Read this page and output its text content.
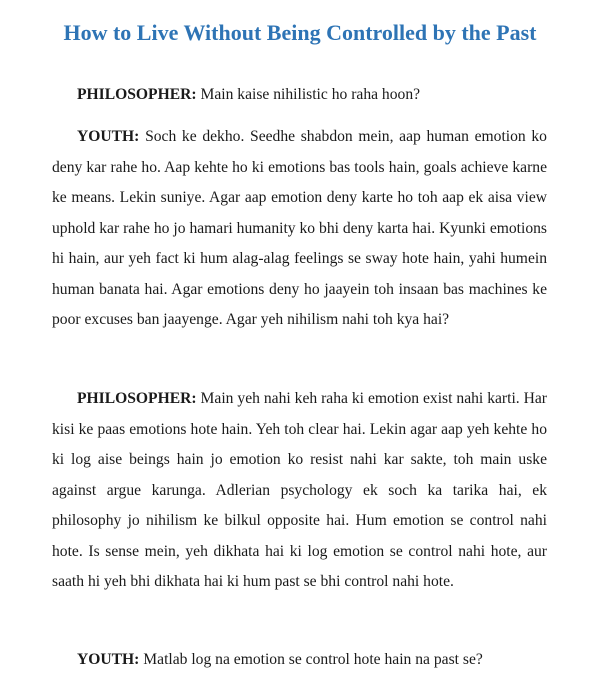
How to Live Without Being Controlled by the Past

PHILOSOPHER: Main kaise nihilistic ho raha hoon?

YOUTH: Soch ke dekho. Seedhe shabdon mein, aap human emotion ko deny kar rahe ho. Aap kehte ho ki emotions bas tools hain, goals achieve karne ke means. Lekin suniye. Agar aap emotion deny karte ho toh aap ek aisa view uphold kar rahe ho jo hamari humanity ko bhi deny karta hai. Kyunki emotions hi hain, aur yeh fact ki hum alag-alag feelings se sway hote hain, yahi humein human banata hai. Agar emotions deny ho jaayein toh insaan bas machines ke poor excuses ban jaayenge. Agar yeh nihilism nahi toh kya hai?

PHILOSOPHER: Main yeh nahi keh raha ki emotion exist nahi karti. Har kisi ke paas emotions hote hain. Yeh toh clear hai. Lekin agar aap yeh kehte ho ki log aise beings hain jo emotion ko resist nahi kar sakte, toh main uske against argue karunga. Adlerian psychology ek soch ka tarika hai, ek philosophy jo nihilism ke bilkul opposite hai. Hum emotion se control nahi hote. Is sense mein, yeh dikhata hai ki log emotion se control nahi hote, aur saath hi yeh bhi dikhata hai ki hum past se bhi control nahi hote.

YOUTH: Matlab log na emotion se control hote hain na past se?
